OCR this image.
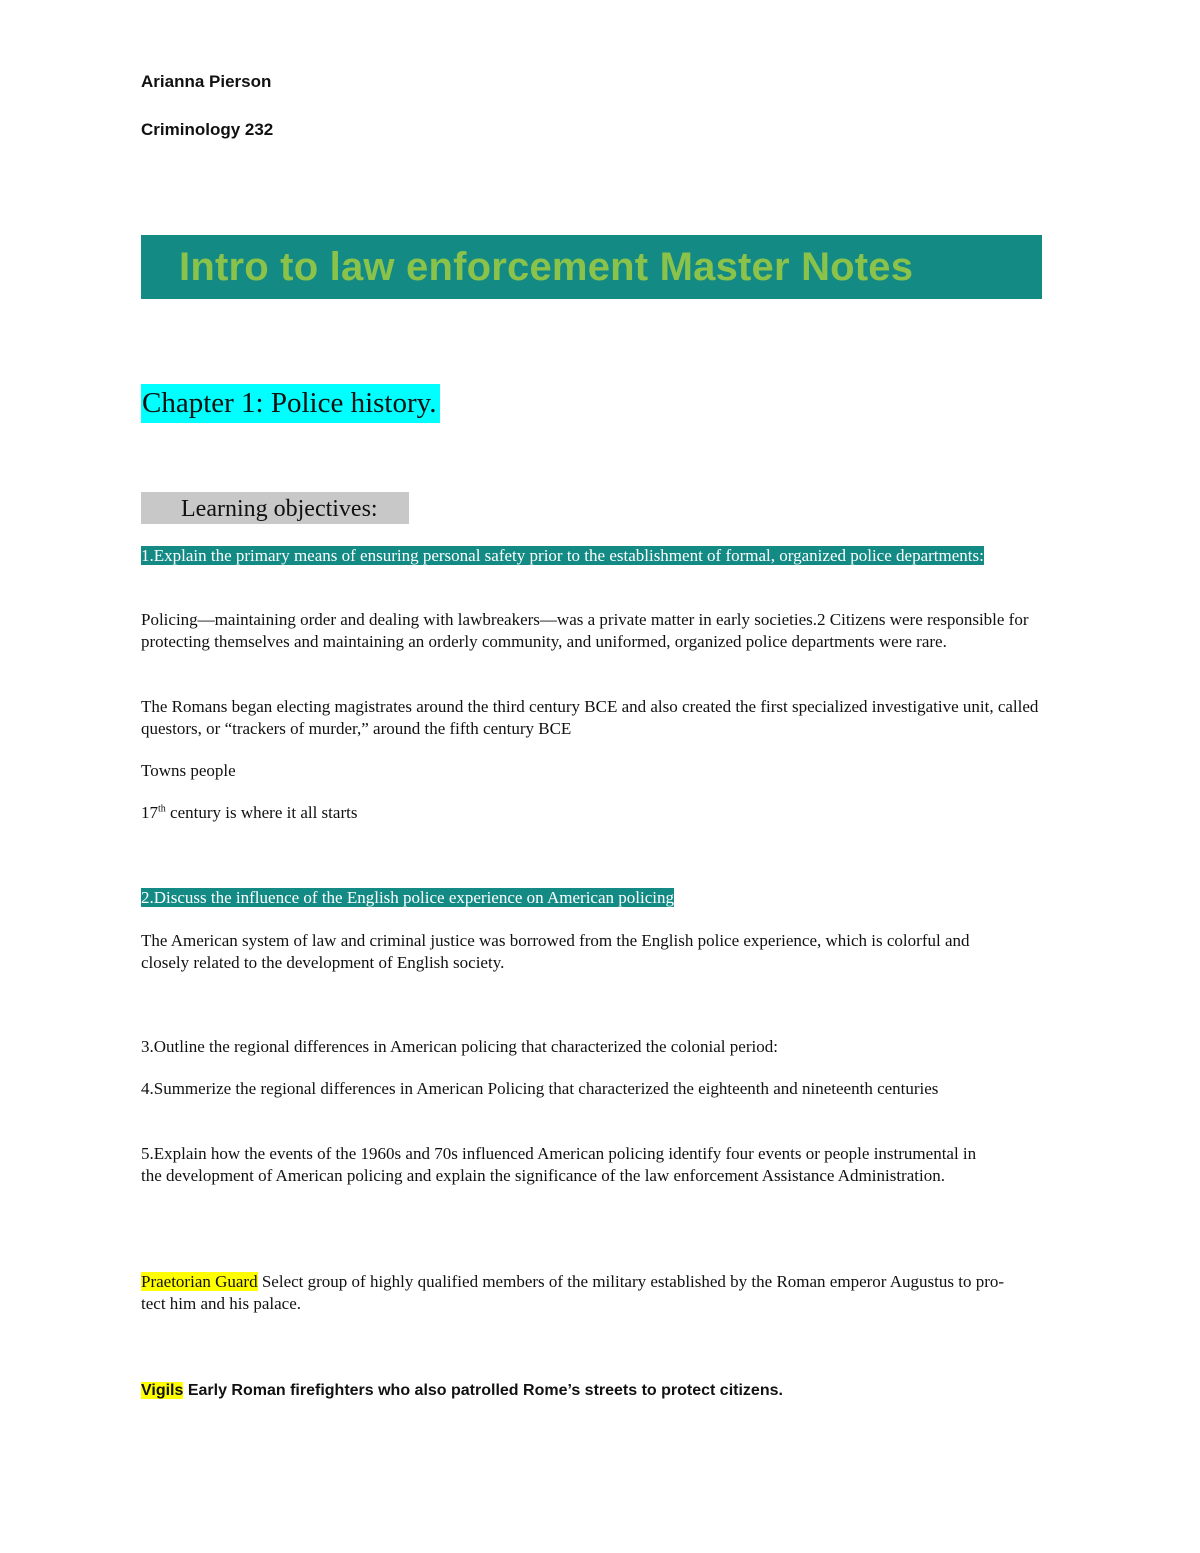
Arianna Pierson
Criminology 232
Intro to law enforcement Master Notes
Chapter 1: Police history.
Learning objectives:
1.Explain the primary means of ensuring personal safety prior to the establishment of formal, organized police departments:
Policing—maintaining order and dealing with lawbreakers—was a private matter in early societies.2 Citizens were responsible for protecting themselves and maintaining an orderly community, and uniformed, organized police departments were rare.
The Romans began electing magistrates around the third century BCE and also created the first specialized investigative unit, called questors, or “trackers of murder,” around the fifth century BCE
Towns people
17th century is where it all starts
2.Discuss the influence of the English police experience on American policing
The American system of law and criminal justice was borrowed from the English police experience, which is colorful and closely related to the development of English society.
3.Outline the regional differences in American policing that characterized the colonial period:
4.Summerize the regional differences in American Policing that characterized the eighteenth and nineteenth centuries
5.Explain how the events of the 1960s and 70s influenced American policing identify four events or people instrumental in the development of American policing and explain the significance of the law enforcement Assistance Administration.
Praetorian Guard Select group of highly qualified members of the military established by the Roman emperor Augustus to pro- tect him and his palace.
Vigils Early Roman firefighters who also patrolled Rome’s streets to protect citizens.
